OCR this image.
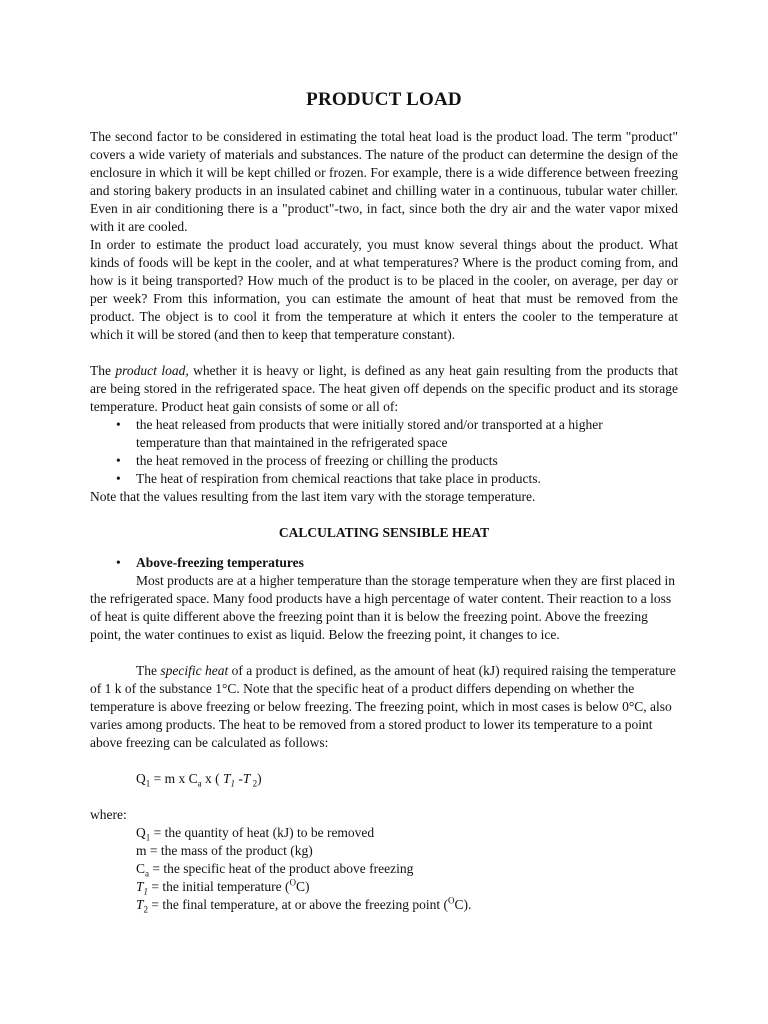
PRODUCT LOAD

The second factor to be considered in estimating the total heat load is the product load. The term "product" covers a wide variety of materials and substances. The nature of the product can determine the design of the enclosure in which it will be kept chilled or frozen. For example, there is a wide difference between freezing and storing bakery products in an insulated cabinet and chilling water in a continuous, tubular water chiller. Even in air conditioning there is a "product"-two, in fact, since both the dry air and the water vapor mixed with it are cooled.

In order to estimate the product load accurately, you must know several things about the product. What kinds of foods will be kept in the cooler, and at what temperatures? Where is the product coming from, and how is it being transported? How much of the product is to be placed in the cooler, on average, per day or per week? From this information, you can estimate the amount of heat that must be removed from the product. The object is to cool it from the temperature at which it enters the cooler to the temperature at which it will be stored (and then to keep that temperature constant).

The product load, whether it is heavy or light, is defined as any heat gain resulting from the products that are being stored in the refrigerated space. The heat given off depends on the specific product and its storage temperature. Product heat gain consists of some or all of:

• the heat released from products that were initially stored and/or transported at a higher temperature than that maintained in the refrigerated space
• the heat removed in the process of freezing or chilling the products
• The heat of respiration from chemical reactions that take place in products.

Note that the values resulting from the last item vary with the storage temperature.

CALCULATING SENSIBLE HEAT
• Above-freezing temperatures

Most products are at a higher temperature than the storage temperature when they are first placed in the refrigerated space. Many food products have a high percentage of water content. Their reaction to a loss of heat is quite different above the freezing point than it is below the freezing point. Above the freezing point, the water continues to exist as liquid. Below the freezing point, it changes to ice.

The specific heat of a product is defined, as the amount of heat (kJ) required raising the temperature of 1 k of the substance 1°C. Note that the specific heat of a product differs depending on whether the temperature is above freezing or below freezing. The freezing point, which in most cases is below 0°C, also varies among products. The heat to be removed from a stored product to lower its temperature to a point above freezing can be calculated as follows:

$Q_1 = m$ x $C_a$ x ( $T_1$ -T $_2$)

where:

$Q_1$ = the quantity of heat (kJ) to be removed

m = the mass of the product (kg)

$C_a$ = the specific heat of the product above freezing

$T_1$ = the initial temperature ($^O$C)

$T_2$ = the final temperature, at or above the freezing point ($^O$C).
